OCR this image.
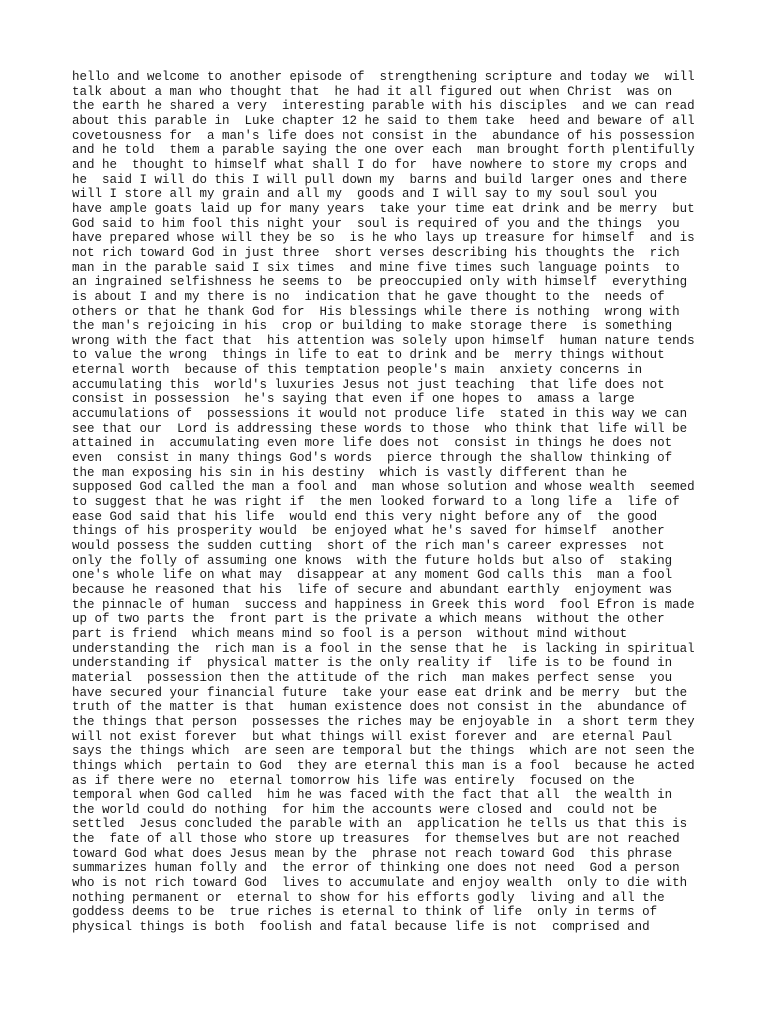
hello and welcome to another episode of  strengthening scripture and today we  will
talk about a man who thought that  he had it all figured out when Christ  was on
the earth he shared a very  interesting parable with his disciples  and we can read
about this parable in  Luke chapter 12 he said to them take  heed and beware of all
covetousness for  a man's life does not consist in the  abundance of his possession
and he told  them a parable saying the one over each  man brought forth plentifully
and he  thought to himself what shall I do for  have nowhere to store my crops and
he  said I will do this I will pull down my  barns and build larger ones and there
will I store all my grain and all my  goods and I will say to my soul soul you
have ample goats laid up for many years  take your time eat drink and be merry  but
God said to him fool this night your  soul is required of you and the things  you
have prepared whose will they be so  is he who lays up treasure for himself  and is
not rich toward God in just three  short verses describing his thoughts the  rich
man in the parable said I six times  and mine five times such language points  to
an ingrained selfishness he seems to  be preoccupied only with himself  everything
is about I and my there is no  indication that he gave thought to the  needs of
others or that he thank God for  His blessings while there is nothing  wrong with
the man's rejoicing in his  crop or building to make storage there  is something
wrong with the fact that  his attention was solely upon himself  human nature tends
to value the wrong  things in life to eat to drink and be  merry things without
eternal worth  because of this temptation people's main  anxiety concerns in
accumulating this  world's luxuries Jesus not just teaching  that life does not
consist in possession  he's saying that even if one hopes to  amass a large
accumulations of  possessions it would not produce life  stated in this way we can
see that our  Lord is addressing these words to those  who think that life will be
attained in  accumulating even more life does not  consist in things he does not
even  consist in many things God's words  pierce through the shallow thinking of
the man exposing his sin in his destiny  which is vastly different than he
supposed God called the man a fool and  man whose solution and whose wealth  seemed
to suggest that he was right if  the men looked forward to a long life a  life of
ease God said that his life  would end this very night before any of  the good
things of his prosperity would  be enjoyed what he's saved for himself  another
would possess the sudden cutting  short of the rich man's career expresses  not
only the folly of assuming one knows  with the future holds but also of  staking
one's whole life on what may  disappear at any moment God calls this  man a fool
because he reasoned that his  life of secure and abundant earthly  enjoyment was
the pinnacle of human  success and happiness in Greek this word  fool Efron is made
up of two parts the  front part is the private a which means  without the other
part is friend  which means mind so fool is a person  without mind without
understanding the  rich man is a fool in the sense that he  is lacking in spiritual
understanding if  physical matter is the only reality if  life is to be found in
material  possession then the attitude of the rich  man makes perfect sense  you
have secured your financial future  take your ease eat drink and be merry  but the
truth of the matter is that  human existence does not consist in the  abundance of
the things that person  possesses the riches may be enjoyable in  a short term they
will not exist forever  but what things will exist forever and  are eternal Paul
says the things which  are seen are temporal but the things  which are not seen the
things which  pertain to God  they are eternal this man is a fool  because he acted
as if there were no  eternal tomorrow his life was entirely  focused on the
temporal when God called  him he was faced with the fact that all  the wealth in
the world could do nothing  for him the accounts were closed and  could not be
settled  Jesus concluded the parable with an  application he tells us that this is
the  fate of all those who store up treasures  for themselves but are not reached
toward God what does Jesus mean by the  phrase not reach toward God  this phrase
summarizes human folly and  the error of thinking one does not need  God a person
who is not rich toward God  lives to accumulate and enjoy wealth  only to die with
nothing permanent or  eternal to show for his efforts godly  living and all the
goddess deems to be  true riches is eternal to think of life  only in terms of
physical things is both  foolish and fatal because life is not  comprised and
